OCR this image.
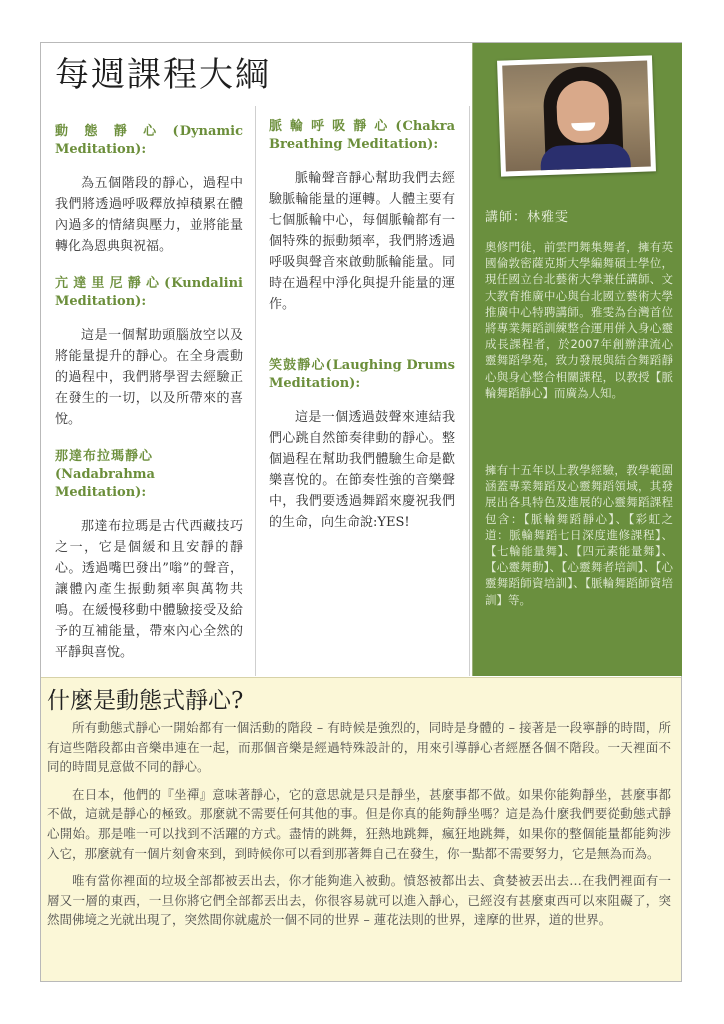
每週課程大綱
動態靜心(Dynamic Meditation):

為五個階段的靜心，過程中我們將透過呼吸釋放掉積累在體內過多的情緒與壓力，並將能量轉化為恩典與祝福。

亢達里尼靜心(Kundalini Meditation):

這是一個幫助頭腦放空以及將能量提升的靜心。在全身震動的過程中，我們將學習去經驗正在發生的一切，以及所帶來的喜悅。

那達布拉瑪靜心
(Nadabrahma Meditation):

那達布拉瑪是古代西藏技巧之一，它是個緩和且安靜的靜心。透過嘴巴發出”嗡”的聲音，讓體內產生振動頻率與萬物共鳴。在緩慢移動中體驗接受及給予的互補能量，帶來內心全然的平靜與喜悅。

脈輪呼吸靜心(Chakra Breathing Meditation):

脈輪聲音靜心幫助我們去經驗脈輪能量的運轉。人體主要有七個脈輪中心，每個脈輪都有一個特殊的振動頻率，我們將透過呼吸與聲音來啟動脈輪能量。同時在過程中淨化與提升能量的運作。

笑鼓靜心(Laughing Drums Meditation):

這是一個透過鼓聲來連結我們心跳自然節奏律動的靜心。整個過程在幫助我們體驗生命是歡樂喜悅的。在節奏性強的音樂聲中，我們要透過舞蹈來慶祝我們的生命，向生命說:YES!

講師：林雅雯

奧修門徒，前雲門舞集舞者，擁有英國倫敦密薩克斯大學編舞碩士學位，現任國立台北藝術大學兼任講師、文大教育推廣中心與台北國立藝術大學推廣中心特聘講師。雅雯為台灣首位將專業舞蹈訓練整合運用併入身心靈成長課程者，於2007年創辦津流心靈舞蹈學苑，致力發展與結合舞蹈靜心與身心整合相關課程，以教授【脈輪舞蹈靜心】而廣為人知。

擁有十五年以上教學經驗，教學範圍涵蓋專業舞蹈及心靈舞蹈領域，其發展出各具特色及進展的心靈舞蹈課程包含：【脈輪舞蹈靜心】、【彩虹之道：脈輪舞蹈七日深度進修課程】、【七輪能量舞】、【四元素能量舞】、【心靈舞動】、【心靈舞者培訓】、【心靈舞蹈師資培訓】、【脈輪舞蹈師資培訓】等。

什麼是動態式靜心?

所有動態式靜心一開始都有一個活動的階段 – 有時候是強烈的，同時是身體的 – 接著是一段寧靜的時間，所有這些階段都由音樂串連在一起，而那個音樂是經過特殊設計的，用來引導靜心者經歷各個不階段。一天裡面不同的時間見意做不同的靜心。

在日本，他們的『坐禪』意味著靜心，它的意思就是只是靜坐，甚麼事都不做。如果你能夠靜坐，甚麼事都不做，這就是靜心的極致。那麼就不需要任何其他的事。但是你真的能夠靜坐嗎？這是為什麼我們要從動態式靜心開始。那是唯一可以找到不活躍的方式。盡情的跳舞，狂熱地跳舞，瘋狂地跳舞，如果你的整個能量都能夠涉入它，那麼就有一個片刻會來到，到時候你可以看到那著舞自己在發生，你一點都不需要努力，它是無為而為。

唯有當你裡面的垃圾全部都被丟出去，你才能夠進入被動。憤怒被都出去、貪婪被丟出去…在我們裡面有一層又一層的東西，一旦你將它們全部都丟出去，你很容易就可以進入靜心，已經沒有甚麼東西可以來阻礙了，突然間佛境之光就出現了，突然間你就處於一個不同的世界 – 蓮花法則的世界，達摩的世界，道的世界。
